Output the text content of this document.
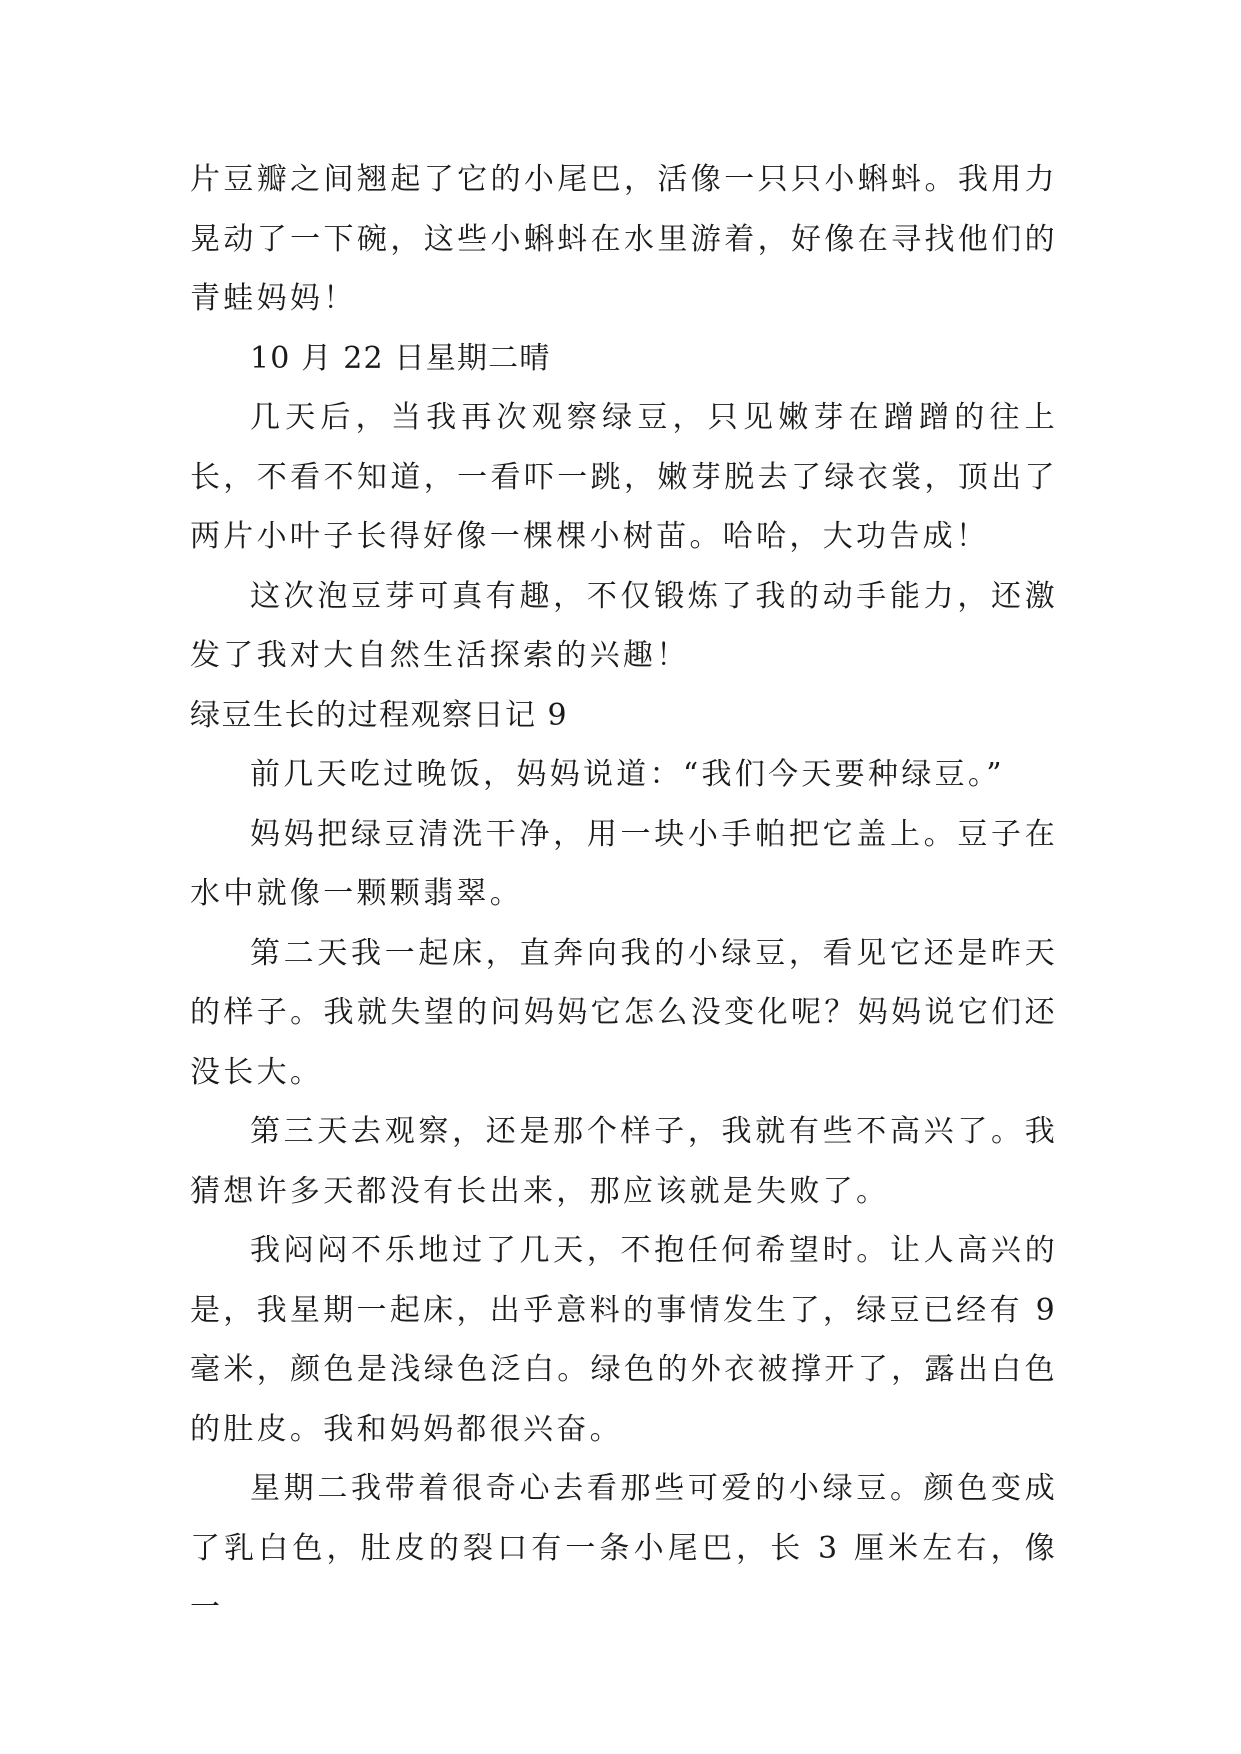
片豆瓣之间翘起了它的小尾巴，活像一只只小蝌蚪。我用力晃动了一下碗，这些小蝌蚪在水里游着，好像在寻找他们的青蛙妈妈！

10 月 22 日星期二晴

几天后，当我再次观察绿豆，只见嫩芽在蹭蹭的往上长，不看不知道，一看吓一跳，嫩芽脱去了绿衣裳，顶出了两片小叶子长得好像一棵棵小树苗。哈哈，大功告成！

这次泡豆芽可真有趣，不仅锻炼了我的动手能力，还激发了我对大自然生活探索的兴趣！

绿豆生长的过程观察日记 9

前几天吃过晚饭，妈妈说道：“我们今天要种绿豆。”

妈妈把绿豆清洗干净，用一块小手帕把它盖上。豆子在水中就像一颗颗翡翠。

第二天我一起床，直奔向我的小绿豆，看见它还是昨天的样子。我就失望的问妈妈它怎么没变化呢？妈妈说它们还没长大。

第三天去观察，还是那个样子，我就有些不高兴了。我猜想许多天都没有长出来，那应该就是失败了。

我闷闷不乐地过了几天，不抱任何希望时。让人高兴的是，我星期一起床，出乎意料的事情发生了，绿豆已经有 9 毫米，颜色是浅绿色泛白。绿色的外衣被撑开了，露出白色的肚皮。我和妈妈都很兴奋。

星期二我带着很奇心去看那些可爱的小绿豆。颜色变成了乳白色，肚皮的裂口有一条小尾巴，长 3 厘米左右，像一
